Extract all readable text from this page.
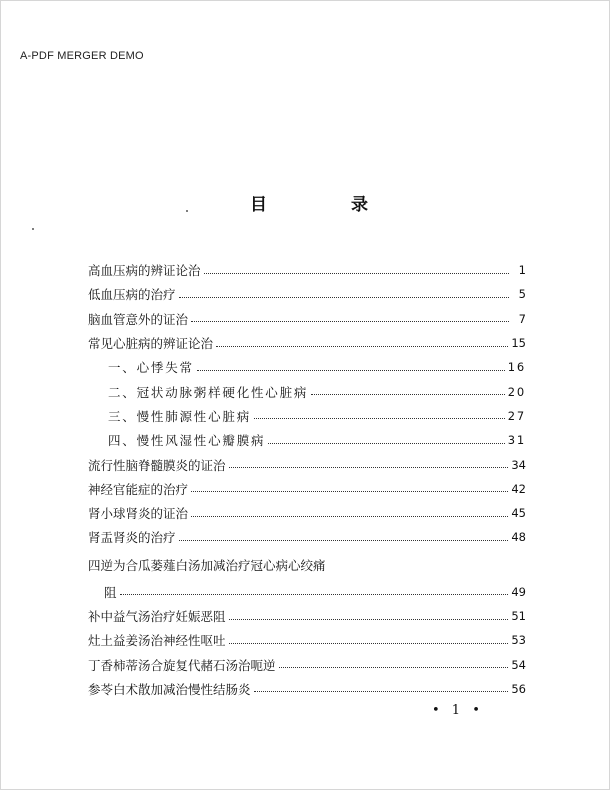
A-PDF MERGER DEMO
目	录
高血压病的辨证论治	1
低血压病的治疗	5
脑血管意外的证治	7
常见心脏病的辨证论治	15
一、心悸失常	16
二、冠状动脉粥样硬化性心脏病	20
三、慢性肺源性心脏病	27
四、慢性风湿性心瓣膜病	31
流行性脑脊髓膜炎的证治	34
神经官能症的治疗	42
肾小球肾炎的证治	45
肾盂肾炎的治疗	48
四逆为合瓜蒌薤白汤加减治疗冠心病心绞痛
阻	49
补中益气汤治疗妊娠恶阻	51
灶土益姜汤治神经性呕吐	53
丁香柿蒂汤合旋复代赭石汤治呃逆	54
参苓白术散加减治慢性结肠炎	56
• 1 •
